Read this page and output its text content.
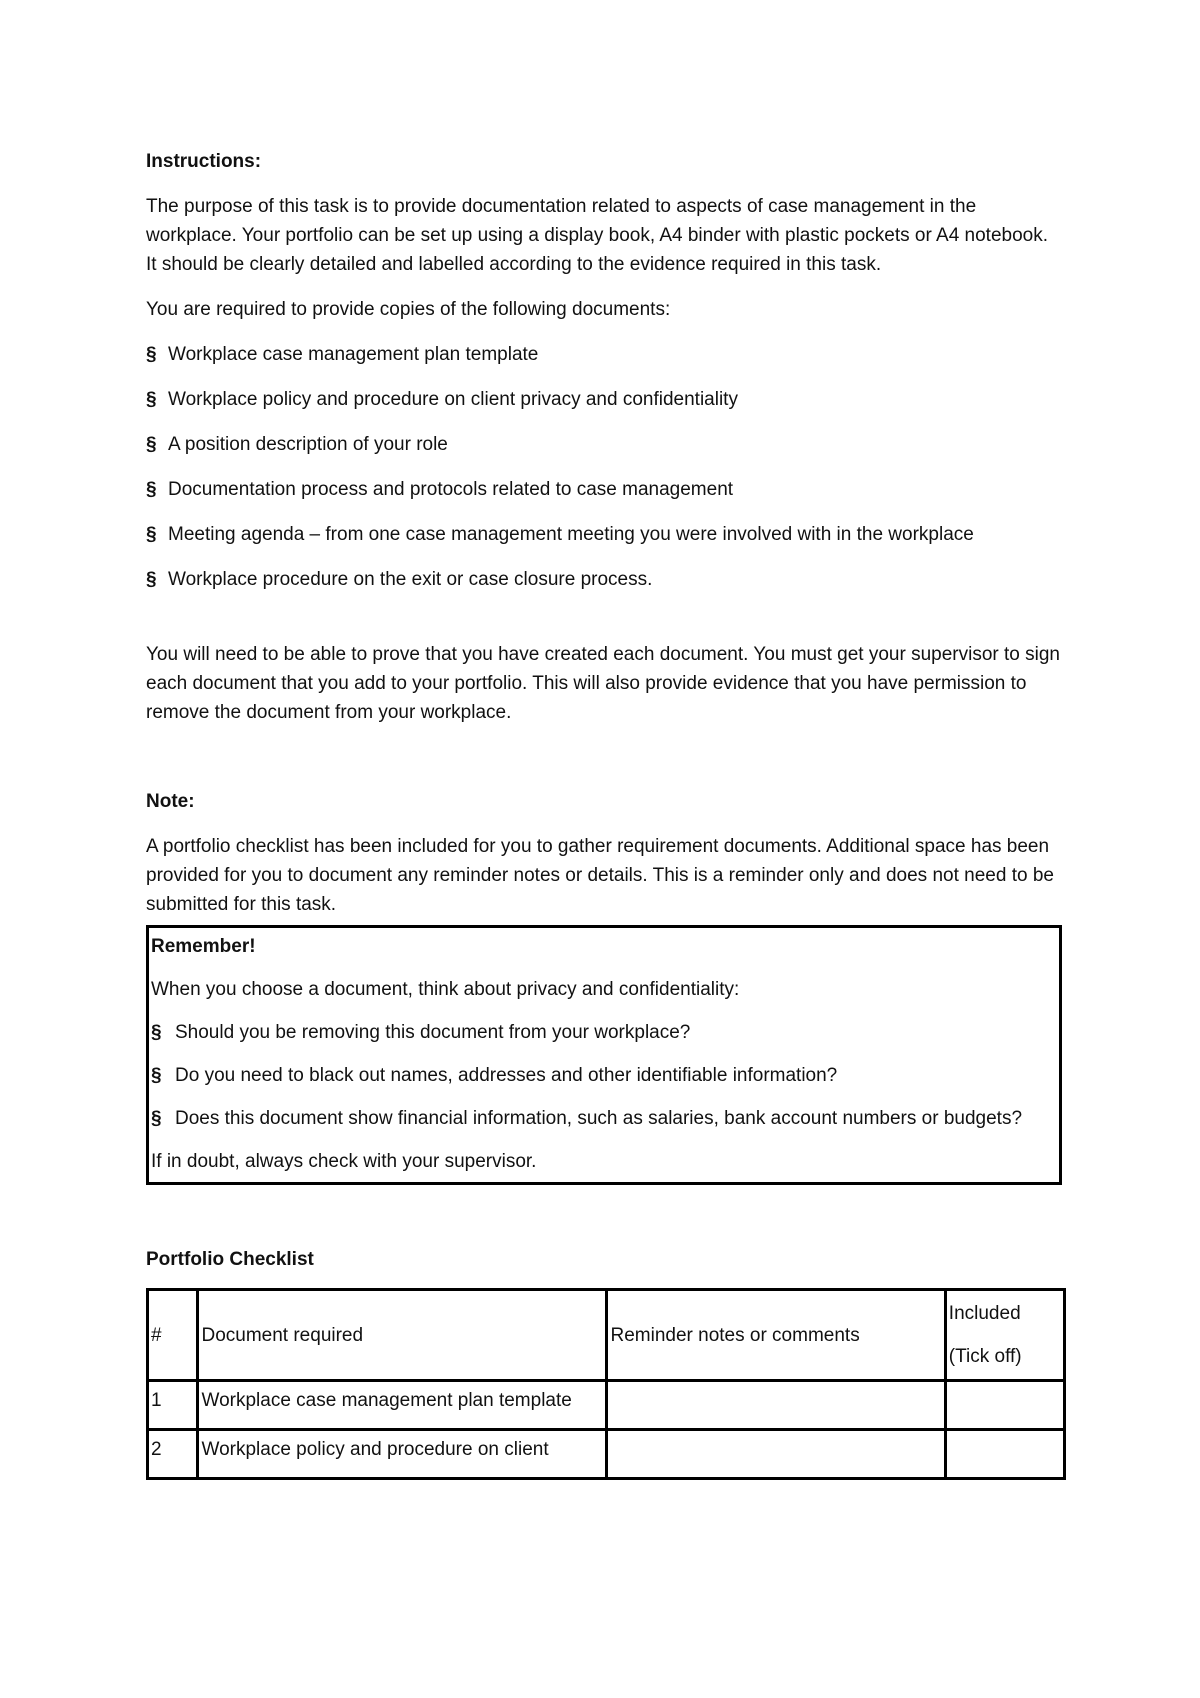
Instructions:

The purpose of this task is to provide documentation related to aspects of case management in the workplace. Your portfolio can be set up using a display book, A4 binder with plastic pockets or A4 notebook. It should be clearly detailed and labelled according to the evidence required in this task.

You are required to provide copies of the following documents:

§ Workplace case management plan template
§ Workplace policy and procedure on client privacy and confidentiality
§ A position description of your role
§ Documentation process and protocols related to case management
§ Meeting agenda – from one case management meeting you were involved with in the workplace
§ Workplace procedure on the exit or case closure process.

You will need to be able to prove that you have created each document. You must get your supervisor to sign each document that you add to your portfolio. This will also provide evidence that you have permission to remove the document from your workplace.

Note:

A portfolio checklist has been included for you to gather requirement documents. Additional space has been provided for you to document any reminder notes or details. This is a reminder only and does not need to be submitted for this task.

Remember!

When you choose a document, think about privacy and confidentiality:

§ Should you be removing this document from your workplace?
§ Do you need to black out names, addresses and other identifiable information?
§ Does this document show financial information, such as salaries, bank account numbers or budgets?

If in doubt, always check with your supervisor.

Portfolio Checklist
#	Document required	Reminder notes or comments	Included
(Tick off)

1	Workplace case management plan template		
2	Workplace policy and procedure on client		
